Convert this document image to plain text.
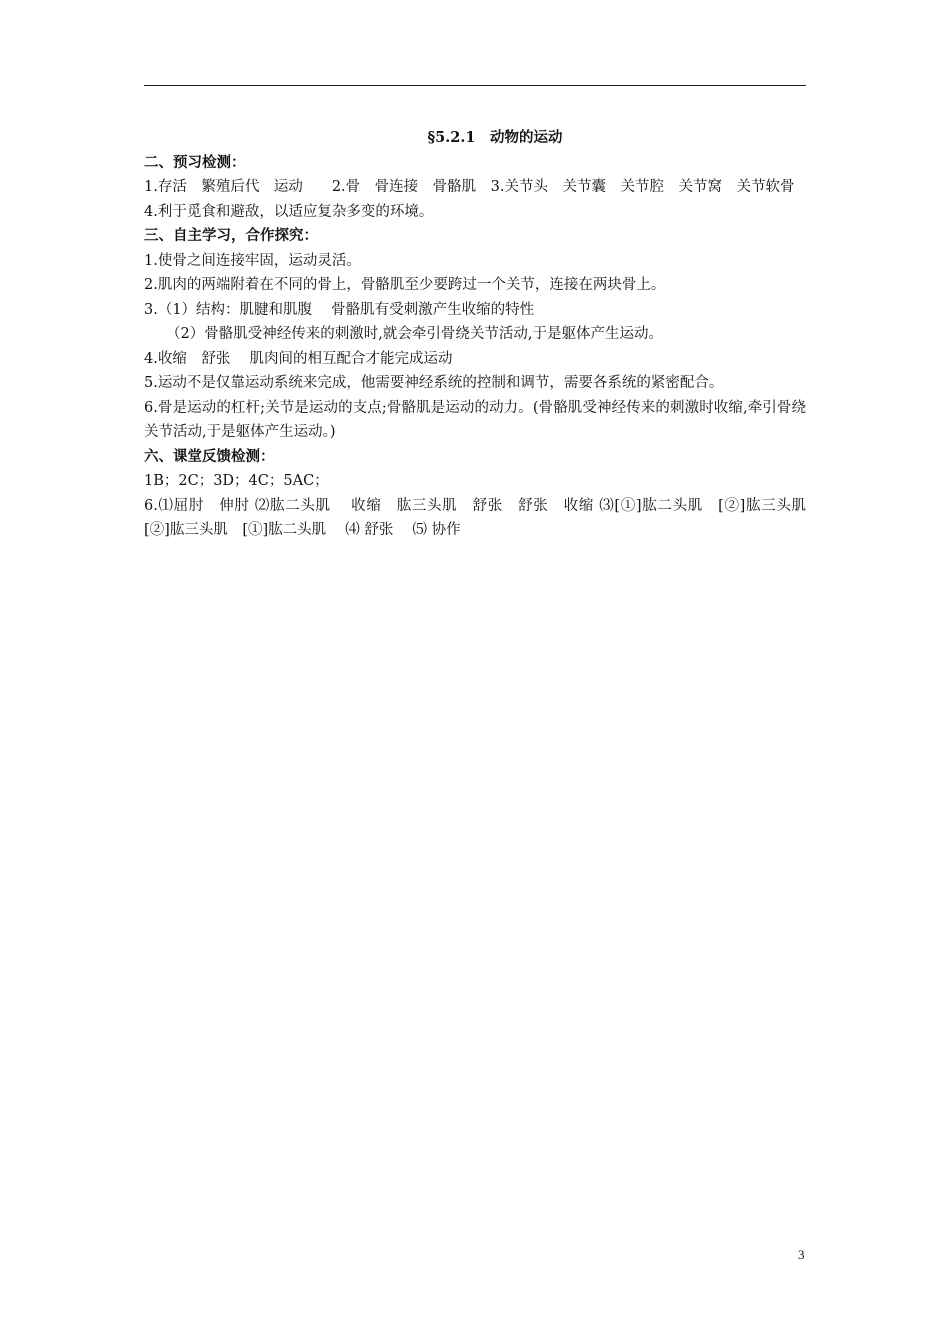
§5.2.1　动物的运动
二、预习检测：
1.存活　繁殖后代　运动　　2.骨　骨连接　骨骼肌　3.关节头　关节囊　关节腔　关节窝　关节软骨
4.利于觅食和避敌，以适应复杂多变的环境。
三、自主学习，合作探究：
1.使骨之间连接牢固，运动灵活。
2.肌肉的两端附着在不同的骨上，骨骼肌至少要跨过一个关节，连接在两块骨上。
3.（1）结构：肌腱和肌腹　 骨骼肌有受刺激产生收缩的特性
（2）骨骼肌受神经传来的刺激时,就会牵引骨绕关节活动,于是躯体产生运动。
4.收缩　舒张　 肌肉间的相互配合才能完成运动
5.运动不是仅靠运动系统来完成，他需要神经系统的控制和调节，需要各系统的紧密配合。
6.骨是运动的杠杆;关节是运动的支点;骨骼肌是运动的动力。(骨骼肌受神经传来的刺激时收缩,牵引骨绕关节活动,于是躯体产生运动。)
六、课堂反馈检测：
1B；2C；3D；4C；5AC；
6.⑴屈肘　伸肘 ⑵肱二头肌　 收缩　肱三头肌　舒张　舒张　收缩 ⑶[①]肱二头肌　[②]肱三头肌　[②]肱三头肌　[①]肱二头肌　 ⑷ 舒张　 ⑸ 协作
3
